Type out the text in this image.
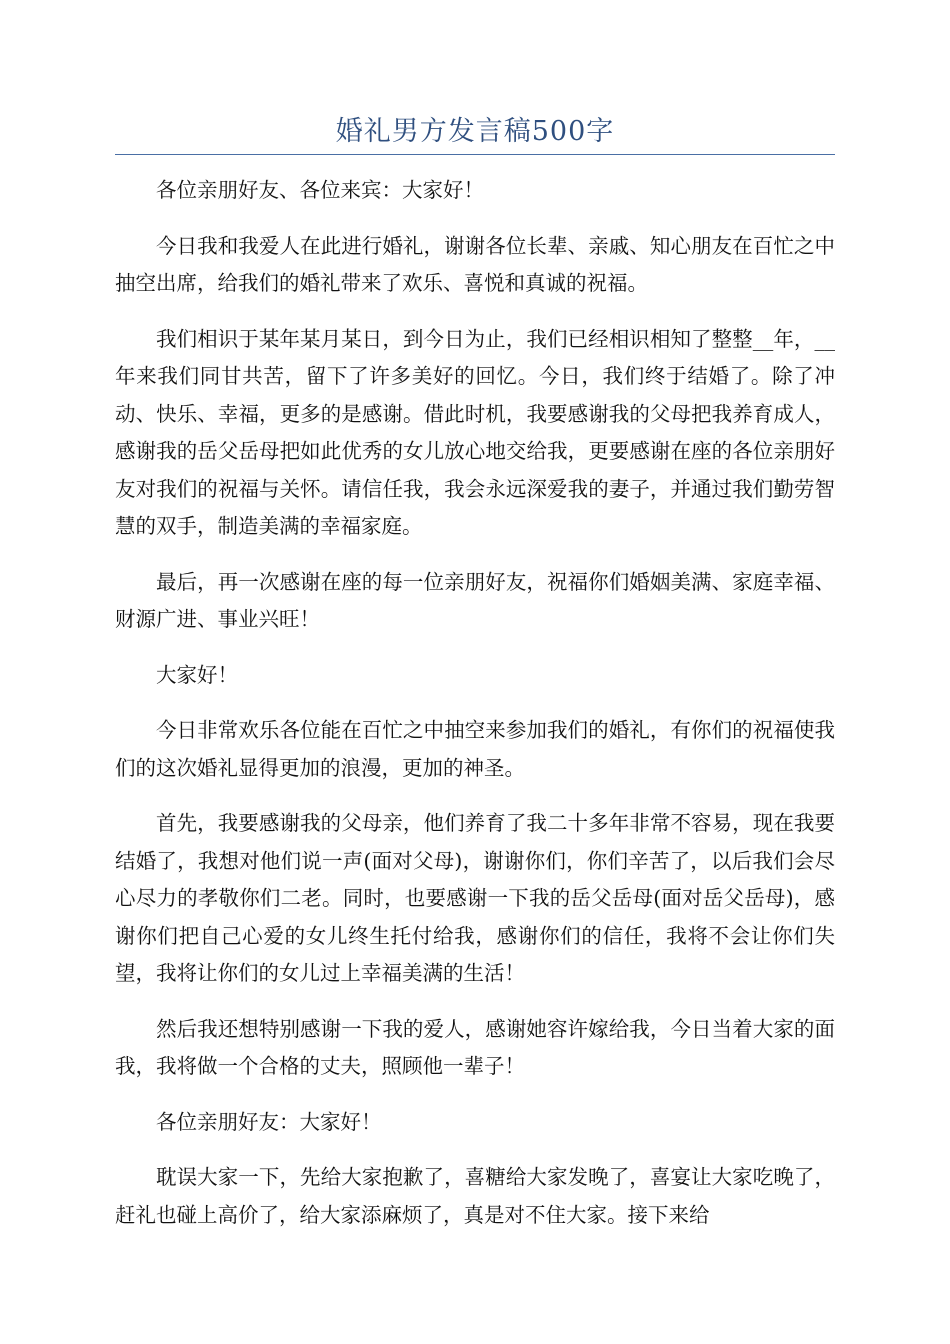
婚礼男方发言稿500字

各位亲朋好友、各位来宾：大家好！

今日我和我爱人在此进行婚礼，谢谢各位长辈、亲戚、知心朋友在百忙之中抽空出席，给我们的婚礼带来了欢乐、喜悦和真诚的祝福。

我们相识于某年某月某日，到今日为止，我们已经相识相知了整整__年，__年来我们同甘共苦，留下了许多美好的回忆。今日，我们终于结婚了。除了冲动、快乐、幸福，更多的是感谢。借此时机，我要感谢我的父母把我养育成人，感谢我的岳父岳母把如此优秀的女儿放心地交给我，更要感谢在座的各位亲朋好友对我们的祝福与关怀。请信任我，我会永远深爱我的妻子，并通过我们勤劳智慧的双手，制造美满的幸福家庭。

最后，再一次感谢在座的每一位亲朋好友，祝福你们婚姻美满、家庭幸福、财源广进、事业兴旺！

大家好！

今日非常欢乐各位能在百忙之中抽空来参加我们的婚礼，有你们的祝福使我们的这次婚礼显得更加的浪漫，更加的神圣。

首先，我要感谢我的父母亲，他们养育了我二十多年非常不容易，现在我要结婚了，我想对他们说一声(面对父母)，谢谢你们，你们辛苦了，以后我们会尽心尽力的孝敬你们二老。同时，也要感谢一下我的岳父岳母(面对岳父岳母)，感谢你们把自己心爱的女儿终生托付给我，感谢你们的信任，我将不会让你们失望，我将让你们的女儿过上幸福美满的生活！

然后我还想特别感谢一下我的爱人，感谢她容许嫁给我，今日当着大家的面我，我将做一个合格的丈夫，照顾他一辈子！

各位亲朋好友：大家好！

耽误大家一下，先给大家抱歉了，喜糖给大家发晚了，喜宴让大家吃晚了，赶礼也碰上高价了，给大家添麻烦了，真是对不住大家。接下来给
